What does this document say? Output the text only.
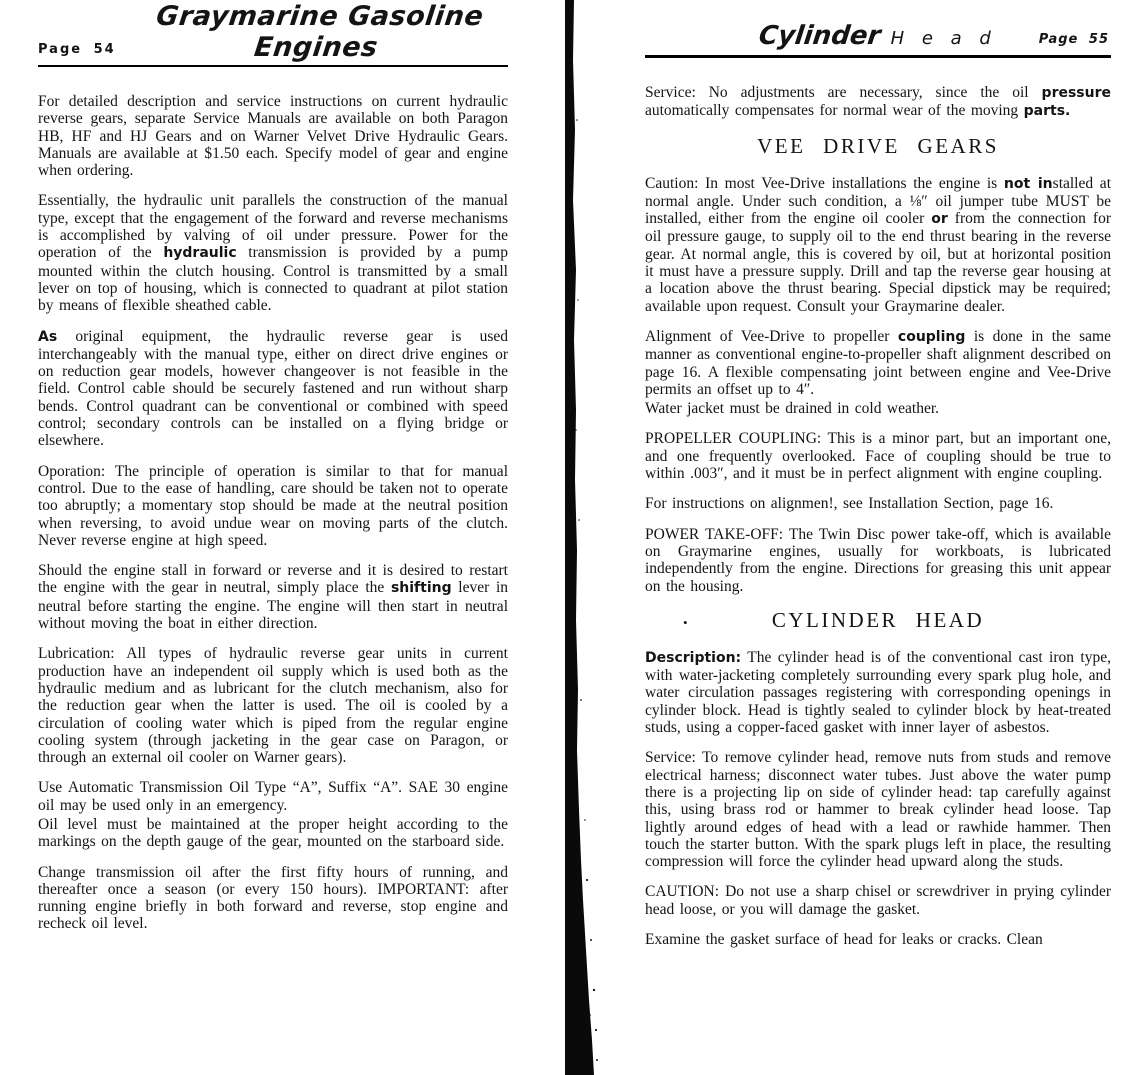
Page 54
Graymarine Gasoline Engines

For detailed description and service instructions on current hydraulic reverse gears, separate Service Manuals are available on both Paragon HB, HF and HJ Gears and on Warner Velvet Drive Hydraulic Gears. Manuals are available at $1.50 each. Specify model of gear and engine when ordering.

Essentially, the hydraulic unit parallels the construction of the manual type, except that the engagement of the forward and reverse mechanisms is accomplished by valving of oil under pressure. Power for the operation of the hydraulic transmission is provided by a pump mounted within the clutch housing. Control is transmitted by a small lever on top of housing, which is connected to quadrant at pilot station by means of flexible sheathed cable.

As original equipment, the hydraulic reverse gear is used interchangeably with the manual type, either on direct drive engines or on reduction gear models, however changeover is not feasible in the field. Control cable should be securely fastened and run without sharp bends. Control quadrant can be conventional or combined with speed control; secondary controls can be installed on a flying bridge or elsewhere.

Oporation: The principle of operation is similar to that for manual control. Due to the ease of handling, care should be taken not to operate too abruptly; a momentary stop should be made at the neutral position when reversing, to avoid undue wear on moving parts of the clutch. Never reverse engine at high speed.

Should the engine stall in forward or reverse and it is desired to restart the engine with the gear in neutral, simply place the shifting lever in neutral before starting the engine. The engine will then start in neutral without moving the boat in either direction.

Lubrication: All types of hydraulic reverse gear units in current production have an independent oil supply which is used both as the hydraulic medium and as lubricant for the clutch mechanism, also for the reduction gear when the latter is used. The oil is cooled by a circulation of cooling water which is piped from the regular engine cooling system (through jacketing in the gear case on Paragon, or through an external oil cooler on Warner gears).

Use Automatic Transmission Oil Type “A”, Suffix “A”. SAE 30 engine oil may be used only in an emergency.

Oil level must be maintained at the proper height according to the markings on the depth gauge of the gear, mounted on the starboard side.

Change transmission oil after the first fifty hours of running, and thereafter once a season (or every 150 hours). IMPORTANT: after running engine briefly in both forward and reverse, stop engine and recheck oil level.

Cylinder H e a d	Page 55

Service: No adjustments are necessary, since the oil pressure automatically compensates for normal wear of the moving parts.

VEE DRIVE GEARS

Caution: In most Vee-Drive installations the engine is not installed at normal angle. Under such condition, a ⅛″ oil jumper tube MUST be installed, either from the engine oil cooler or from the connection for oil pressure gauge, to supply oil to the end thrust bearing in the reverse gear. At normal angle, this is covered by oil, but at horizontal position it must have a pressure supply. Drill and tap the reverse gear housing at a location above the thrust bearing. Special dipstick may be required; available upon request. Consult your Graymarine dealer.

Alignment of Vee-Drive to propeller coupling is done in the same manner as conventional engine-to-propeller shaft alignment described on page 16. A flexible compensating joint between engine and Vee-Drive permits an offset up to 4″.

Water jacket must be drained in cold weather.

PROPELLER COUPLING: This is a minor part, but an important one, and one frequently overlooked. Face of coupling should be true to within .003″, and it must be in perfect alignment with engine coupling.

For instructions on alignmen!, see Installation Section, page 16.

POWER TAKE-OFF: The Twin Disc power take-off, which is available on Graymarine engines, usually for workboats, is lubricated independently from the engine. Directions for greasing this unit appear on the housing.

•	CYLINDER HEAD

Description: The cylinder head is of the conventional cast iron type, with water-jacketing completely surrounding every spark plug hole, and water circulation passages registering with corresponding openings in cylinder block. Head is tightly sealed to cylinder block by heat-treated studs, using a copper-faced gasket with inner layer of asbestos.

Service: To remove cylinder head, remove nuts from studs and remove electrical harness; disconnect water tubes. Just above the water pump there is a projecting lip on side of cylinder head: tap carefully against this, using brass rod or hammer to break cylinder head loose. Tap lightly around edges of head with a lead or rawhide hammer. Then touch the starter button. With the spark plugs left in place, the resulting compression will force the cylinder head upward along the studs.

CAUTION: Do not use a sharp chisel or screwdriver in prying cylinder head loose, or you will damage the gasket.

Examine the gasket surface of head for leaks or cracks. Clean
